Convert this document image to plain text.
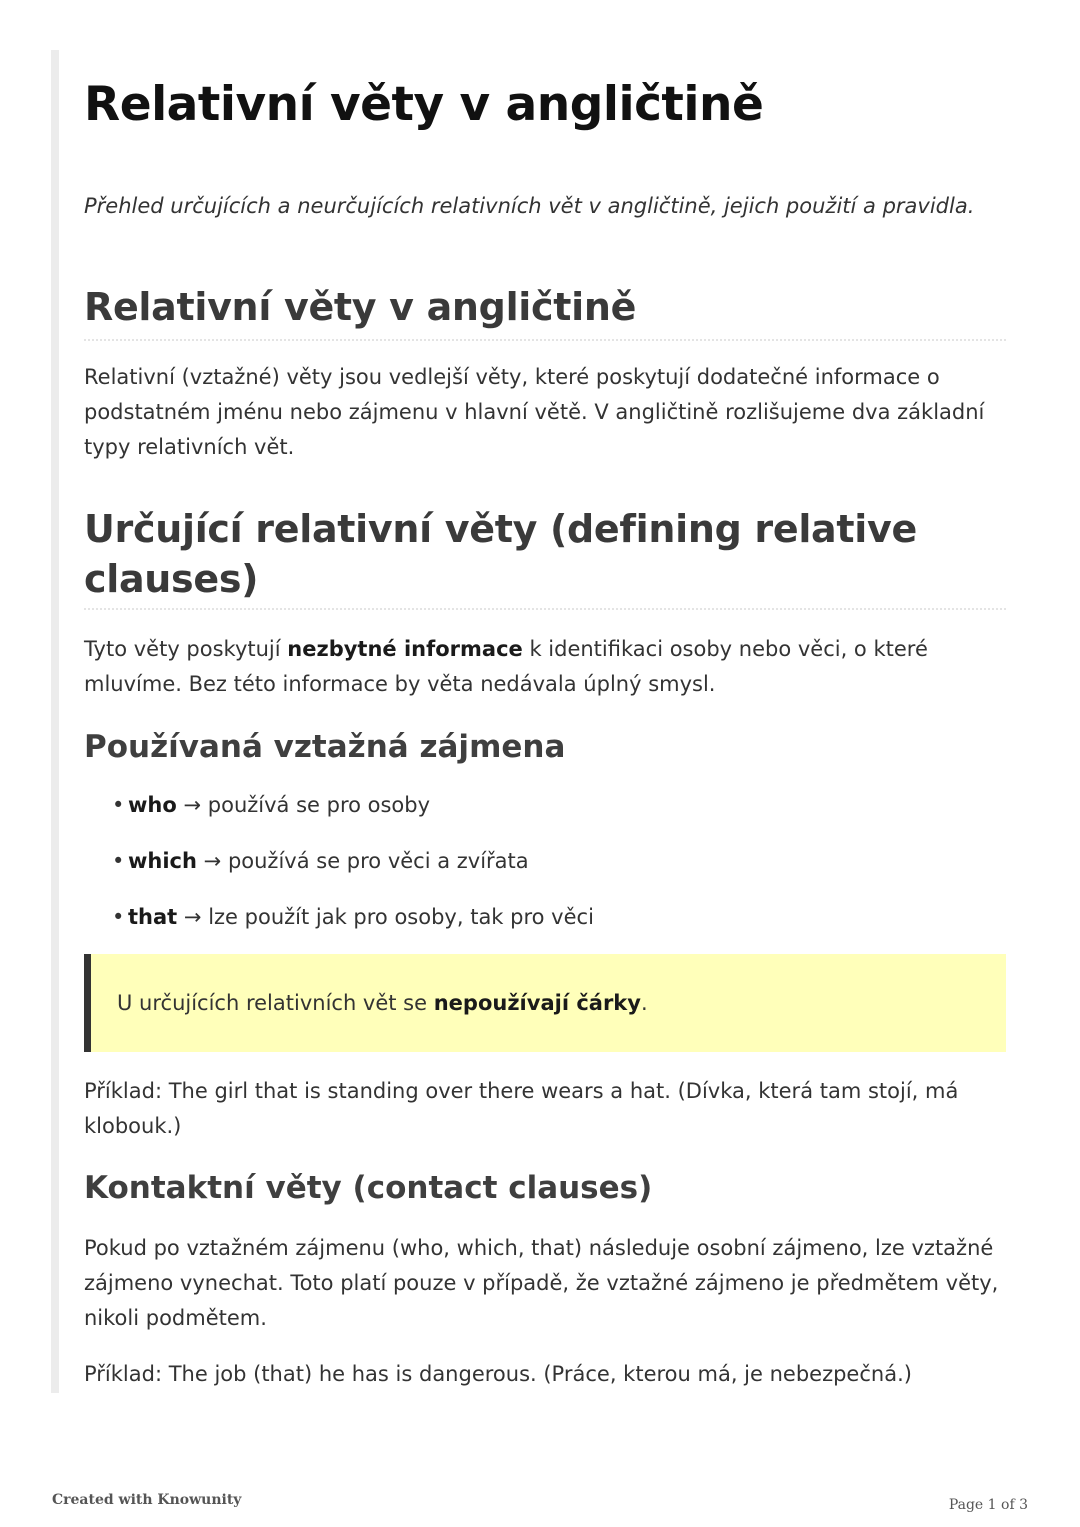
Relativní věty v angličtině
Přehled určujících a neurčujících relativních vět v angličtině, jejich použití a pravidla.
Relativní věty v angličtině

Relativní (vztažné) věty jsou vedlejší věty, které poskytují dodatečné informace o podstatném jménu nebo zájmenu v hlavní větě. V angličtině rozlišujeme dva základní typy relativních vět.

Určující relativní věty (defining relative clauses)

Tyto věty poskytují nezbytné informace k identifikaci osoby nebo věci, o které mluvíme. Bez této informace by věta nedávala úplný smysl.

Používaná vztažná zájmena
• who → používá se pro osoby
• which → používá se pro věci a zvířata
• that → lze použít jak pro osoby, tak pro věci
U určujících relativních vět se nepoužívají čárky.

Příklad: The girl that is standing over there wears a hat. (Dívka, která tam stojí, má klobouk.)

Kontaktní věty (contact clauses)

Pokud po vztažném zájmenu (who, which, that) následuje osobní zájmeno, lze vztažné zájmeno vynechat. Toto platí pouze v případě, že vztažné zájmeno je předmětem věty, nikoli podmětem.

Příklad: The job (that) he has is dangerous. (Práce, kterou má, je nebezpečná.)

Created with Knowunity	Page 1 of 3
